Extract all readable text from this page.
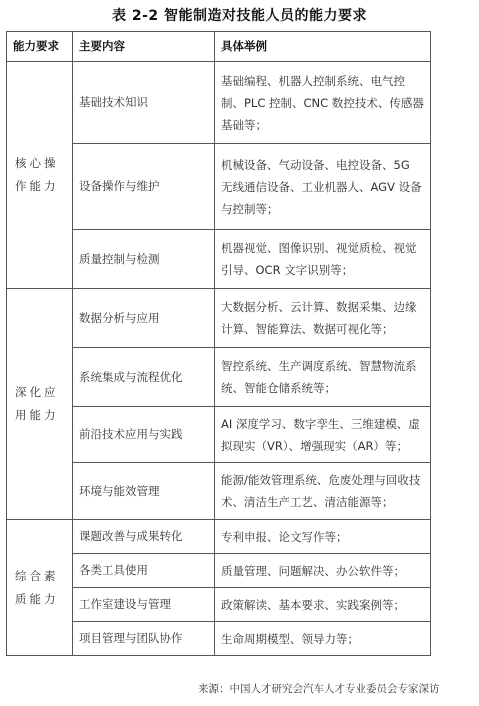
表 2-2 智能制造对技能人员的能力要求
能力要求	主要内容	具体举例
核心操作能力	基础技术知识	基础编程、机器人控制系统、电气控制、PLC 控制、CNC 数控技术、传感器基础等；
	设备操作与维护	机械设备、气动设备、电控设备、5G 无线通信设备、工业机器人、AGV 设备与控制等；
	质量控制与检测	机器视觉、图像识别、视觉质检、视觉引导、OCR 文字识别等；
深化应用能力	数据分析与应用	大数据分析、云计算、数据采集、边缘计算、智能算法、数据可视化等；
	系统集成与流程优化	智控系统、生产调度系统、智慧物流系统、智能仓储系统等；
	前沿技术应用与实践	AI 深度学习、数字孪生、三维建模、虚拟现实（VR）、增强现实（AR）等；
	环境与能效管理	能源/能效管理系统、危废处理与回收技术、清洁生产工艺、清洁能源等；
综合素质能力	课题改善与成果转化	专利申报、论文写作等；
	各类工具使用	质量管理、问题解决、办公软件等；
	工作室建设与管理	政策解读、基本要求、实践案例等；
	项目管理与团队协作	生命周期模型、领导力等；
来源：中国人才研究会汽车人才专业委员会专家深访
